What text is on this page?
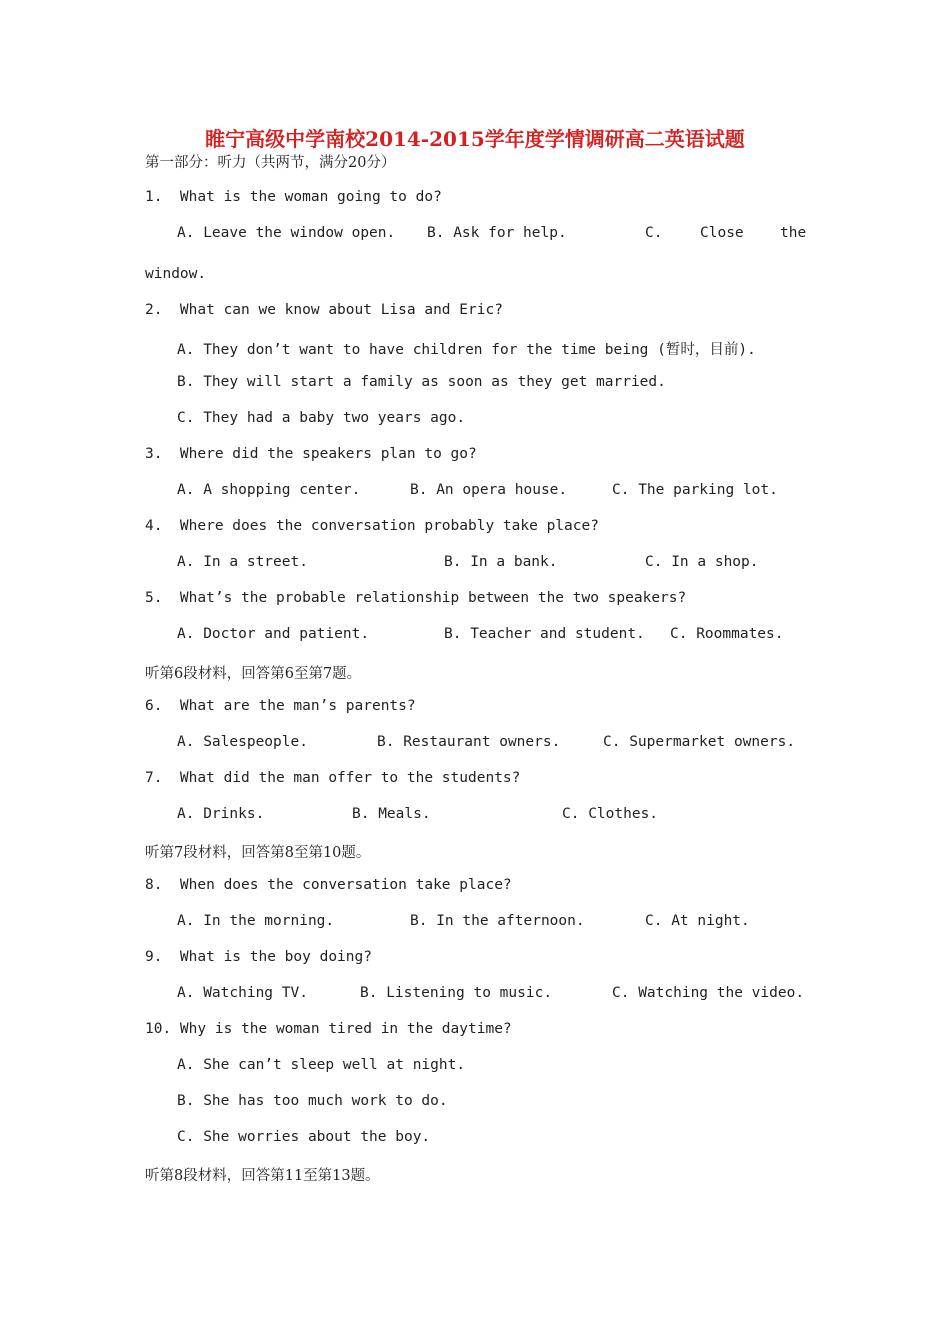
睢宁高级中学南校2014-2015学年度学情调研高二英语试题
第一部分：听力（共两节，满分20分）
1.  What is the woman going to do?
A. Leave the window open. B. Ask for help.	C.	Close	the
window.
2.  What can we know about Lisa and Eric?
A. They don’t want to have children for the time being (暂时，目前).
B. They will start a family as soon as they get married.
C. They had a baby two years ago.
3.  Where did the speakers plan to go?
A. A shopping center.	B. An opera house.	C. The parking lot.
4.  Where does the conversation probably take place?
A. In a street.	B. In a bank.	C. In a shop.
5.  What’s the probable relationship between the two speakers?
A. Doctor and patient.	B. Teacher and student. C. Roommates.
听第6段材料，回答第6至第7题。
6.  What are the man’s parents?
A. Salespeople.	B. Restaurant owners.	C. Supermarket owners.
7.  What did the man offer to the students?
A. Drinks.	B. Meals.	C. Clothes.
听第7段材料，回答第8至第10题。
8.  When does the conversation take place?
A. In the morning.	B. In the afternoon.	C. At night.
9.  What is the boy doing?
A. Watching TV.	B. Listening to music.	C. Watching the video.
10. Why is the woman tired in the daytime?
A. She can’t sleep well at night.
B. She has too much work to do.
C. She worries about the boy.
听第8段材料，回答第11至第13题。
